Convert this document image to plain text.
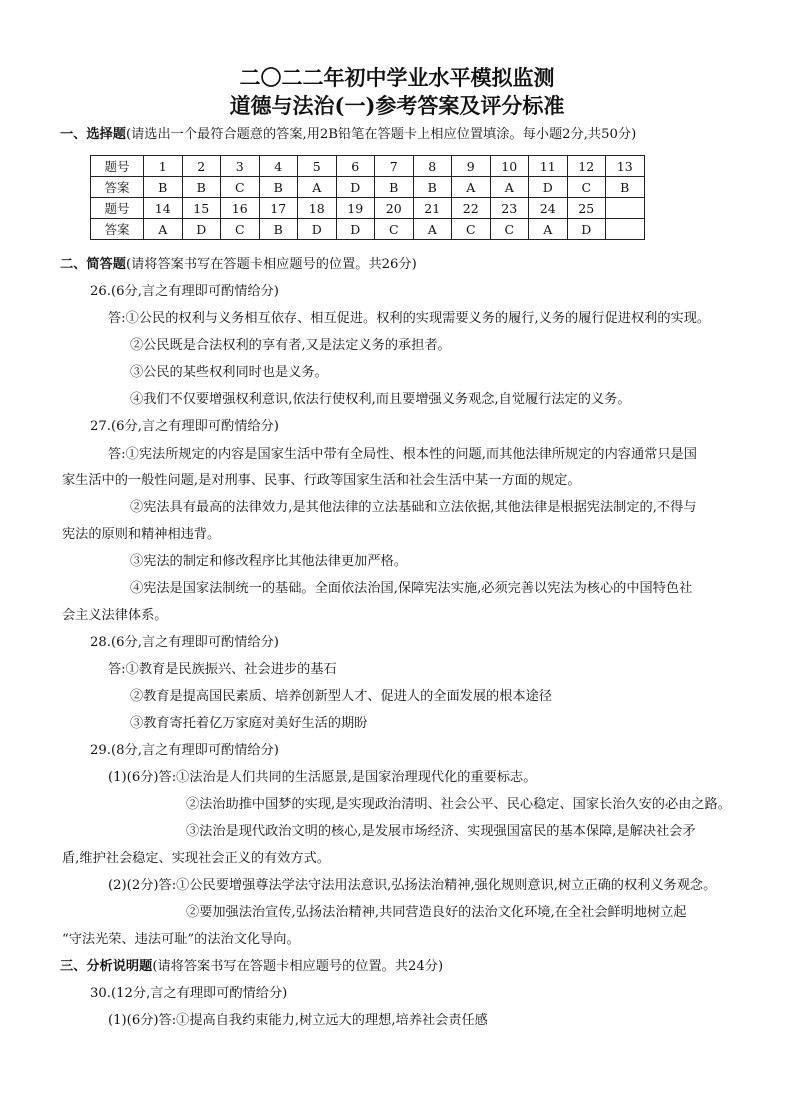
二〇二二年初中学业水平模拟监测
道德与法治(一)参考答案及评分标准
一、选择题(请选出一个最符合题意的答案,用2B铅笔在答题卡上相应位置填涂。每小题2分,共50分)
题号	1	2	3	4	5	6	7	8	9	10	11	12	13
答案	B	B	C	B	A	D	B	B	A	A	D	C	B
题号	14	15	16	17	18	19	20	21	22	23	24	25	
答案	A	D	C	B	D	D	C	A	C	C	A	D	
二、简答题(请将答案书写在答题卡相应题号的位置。共26分)
26.(6分,言之有理即可酌情给分)
答:①公民的权利与义务相互依存、相互促进。权利的实现需要义务的履行,义务的履行促进权利的实现。
②公民既是合法权利的享有者,又是法定义务的承担者。
③公民的某些权利同时也是义务。
④我们不仅要增强权利意识,依法行使权利,而且要增强义务观念,自觉履行法定的义务。
27.(6分,言之有理即可酌情给分)
答:①宪法所规定的内容是国家生活中带有全局性、根本性的问题,而其他法律所规定的内容通常只是国
家生活中的一般性问题,是对刑事、民事、行政等国家生活和社会生活中某一方面的规定。
②宪法具有最高的法律效力,是其他法律的立法基础和立法依据,其他法律是根据宪法制定的,不得与
宪法的原则和精神相违背。
③宪法的制定和修改程序比其他法律更加严格。
④宪法是国家法制统一的基础。全面依法治国,保障宪法实施,必须完善以宪法为核心的中国特色社
会主义法律体系。
28.(6分,言之有理即可酌情给分)
答:①教育是民族振兴、社会进步的基石
②教育是提高国民素质、培养创新型人才、促进人的全面发展的根本途径
③教育寄托着亿万家庭对美好生活的期盼
29.(8分,言之有理即可酌情给分)
(1)(6分)答:①法治是人们共同的生活愿景,是国家治理现代化的重要标志。
②法治助推中国梦的实现,是实现政治清明、社会公平、民心稳定、国家长治久安的必由之路。
③法治是现代政治文明的核心,是发展市场经济、实现强国富民的基本保障,是解决社会矛
盾,维护社会稳定、实现社会正义的有效方式。
(2)(2分)答:①公民要增强尊法学法守法用法意识,弘扬法治精神,强化规则意识,树立正确的权利义务观念。
②要加强法治宣传,弘扬法治精神,共同营造良好的法治文化环境,在全社会鲜明地树立起
“守法光荣、违法可耻”的法治文化导向。
三、分析说明题(请将答案书写在答题卡相应题号的位置。共24分)
30.(12分,言之有理即可酌情给分)
(1)(6分)答:①提高自我约束能力,树立远大的理想,培养社会责任感
